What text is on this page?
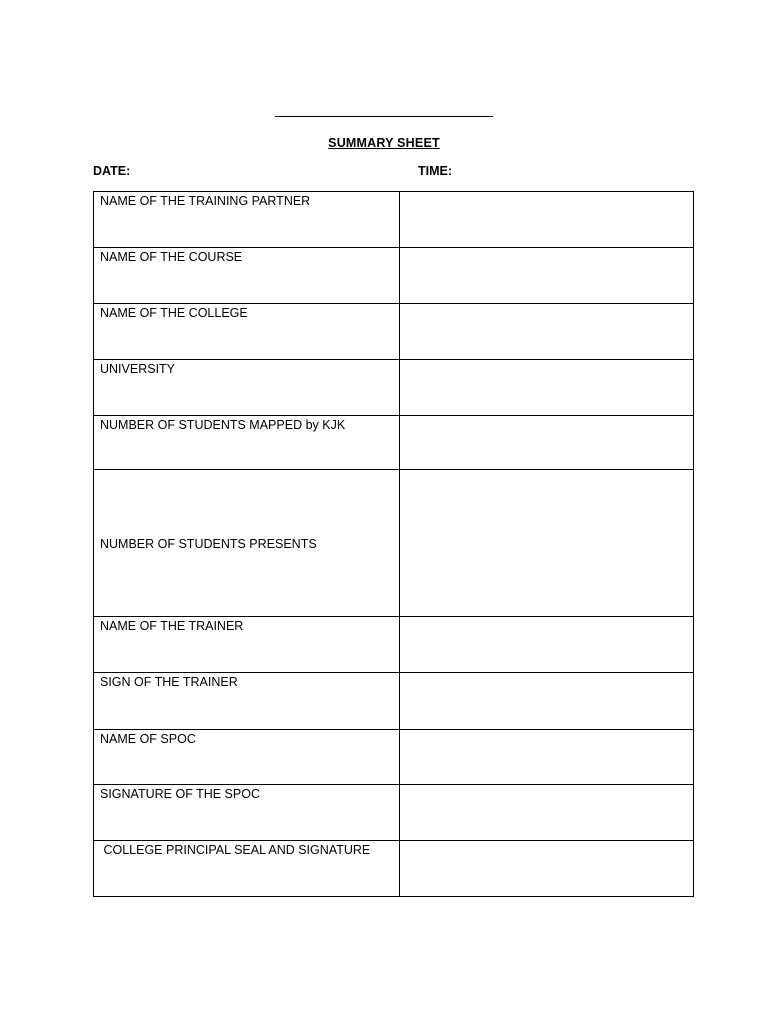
SUMMARY SHEET
DATE:	TIME:
NAME OF THE TRAINING PARTNER	
NAME OF THE COURSE	
NAME OF THE COLLEGE	
UNIVERSITY	
NUMBER OF STUDENTS MAPPED by KJK	
NUMBER OF STUDENTS PRESENTS	
NAME OF THE TRAINER	
SIGN OF THE TRAINER	
NAME OF SPOC	
SIGNATURE OF THE SPOC	
COLLEGE PRINCIPAL SEAL AND SIGNATURE	
